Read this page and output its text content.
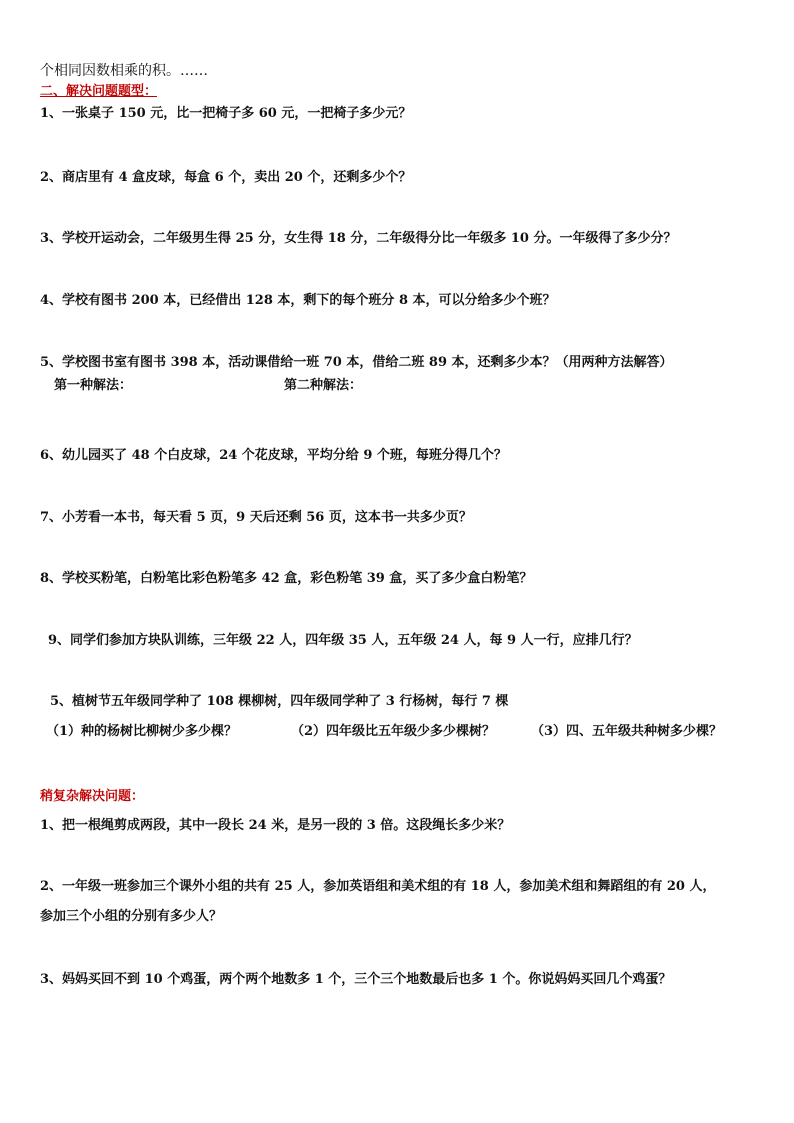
个相同因数相乘的积。……
二、解决问题题型：
1、一张桌子 150 元，比一把椅子多 60 元，一把椅子多少元？
2、商店里有 4 盒皮球，每盒 6 个，卖出 20 个，还剩多少个？
3、学校开运动会，二年级男生得 25 分，女生得 18 分，二年级得分比一年级多 10 分。一年级得了多少分？
4、学校有图书 200 本，已经借出 128 本，剩下的每个班分 8 本，可以分给多少个班？
5、学校图书室有图书 398 本，活动课借给一班 70 本，借给二班 89 本，还剩多少本？（用两种方法解答）
第一种解法：	第二种解法：
6、幼儿园买了 48 个白皮球，24 个花皮球，平均分给 9 个班，每班分得几个？
7、小芳看一本书，每天看 5 页，9 天后还剩 56 页，这本书一共多少页？
8、学校买粉笔，白粉笔比彩色粉笔多 42 盒，彩色粉笔 39 盒，买了多少盒白粉笔？
9、同学们参加方块队训练，三年级 22 人，四年级 35 人，五年级 24 人，每 9 人一行，应排几行？
5、植树节五年级同学种了 108 棵柳树，四年级同学种了 3 行杨树，每行 7 棵
（1）种的杨树比柳树少多少棵？	（2）四年级比五年级少多少棵树？	（3）四、五年级共种树多少棵？
稍复杂解决问题：
1、把一根绳剪成两段，其中一段长 24 米，是另一段的 3 倍。这段绳长多少米？
2、一年级一班参加三个课外小组的共有 25 人，参加英语组和美术组的有 18 人，参加美术组和舞蹈组的有 20 人，
参加三个小组的分别有多少人？
3、妈妈买回不到 10 个鸡蛋，两个两个地数多 1 个，三个三个地数最后也多 1 个。你说妈妈买回几个鸡蛋？
